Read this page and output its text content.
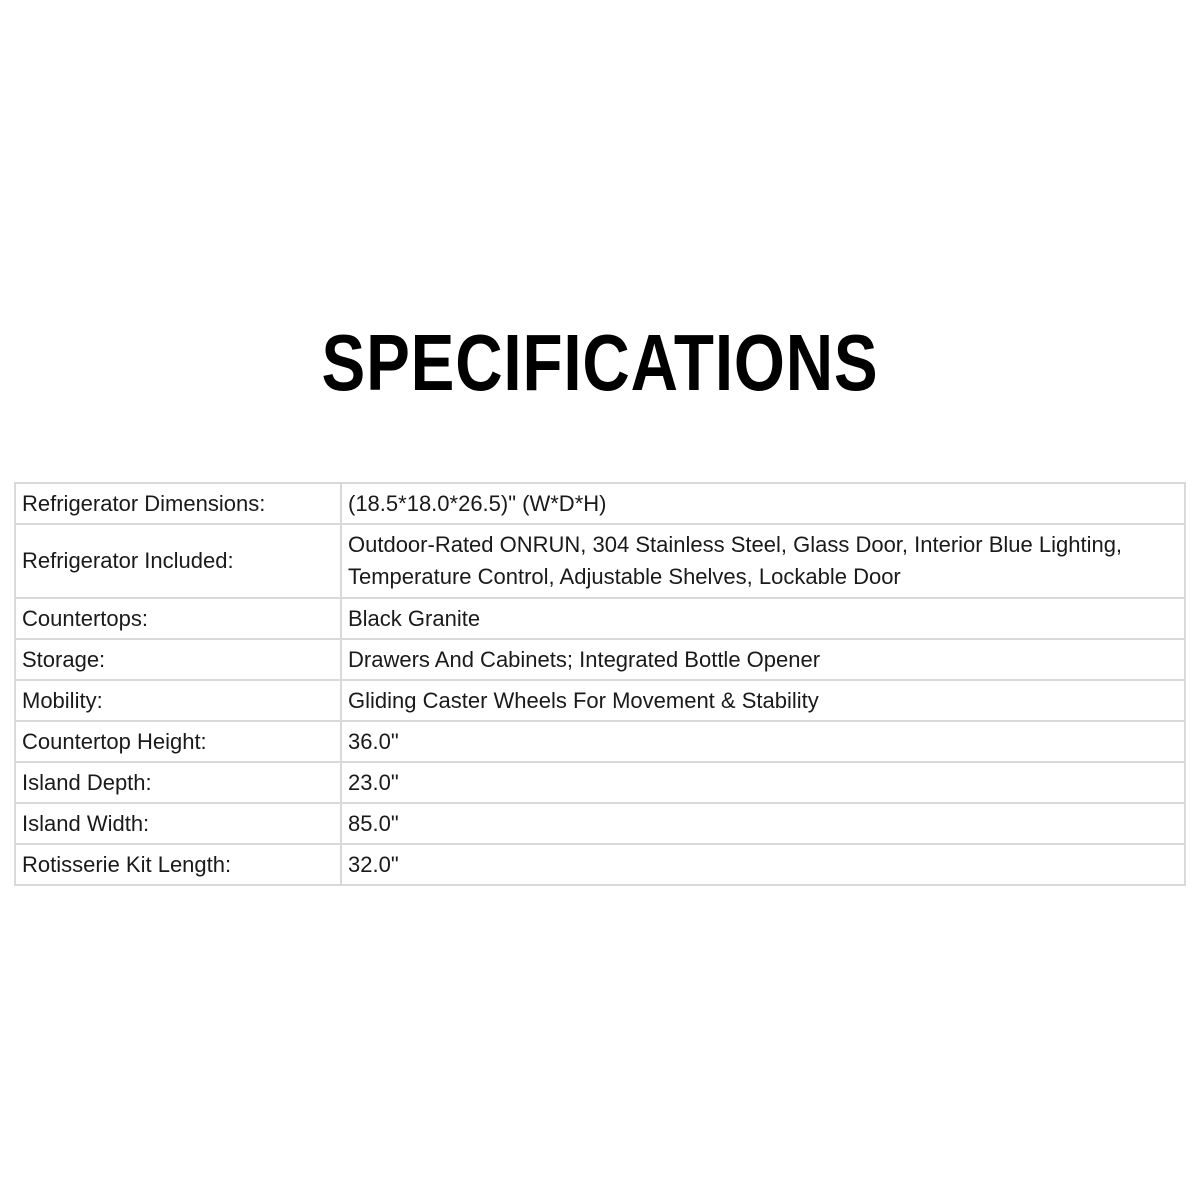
SPECIFICATIONS
Refrigerator Dimensions:	(18.5*18.0*26.5)" (W*D*H)
Refrigerator Included:	Outdoor-Rated ONRUN, 304 Stainless Steel, Glass Door, Interior Blue Lighting, Temperature Control, Adjustable Shelves, Lockable Door
Countertops:	Black Granite
Storage:	Drawers And Cabinets; Integrated Bottle Opener
Mobility:	Gliding Caster Wheels For Movement & Stability
Countertop Height:	36.0"
Island Depth:	23.0"
Island Width:	85.0"
Rotisserie Kit Length:	32.0"
